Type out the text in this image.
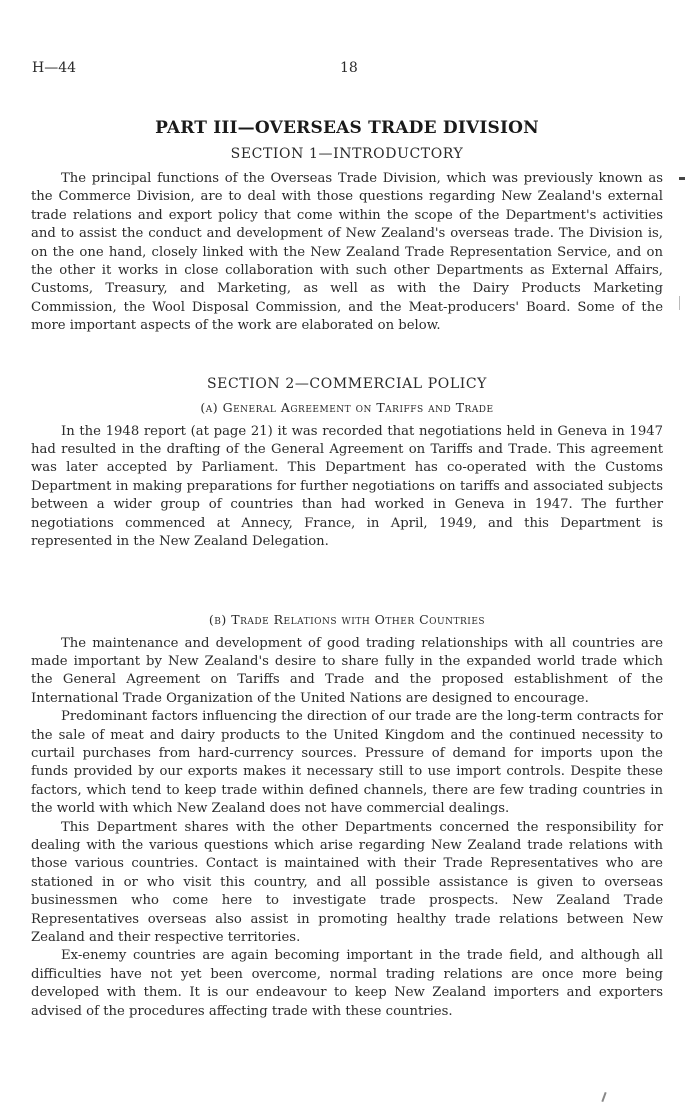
H—44	18
PART III—OVERSEAS TRADE DIVISION
SECTION 1—INTRODUCTORY

The principal functions of the Overseas Trade Division, which was previously known as the Commerce Division, are to deal with those questions regarding New Zealand's external trade relations and export policy that come within the scope of the Department's activities and to assist the conduct and development of New Zealand's overseas trade. The Division is, on the one hand, closely linked with the New Zealand Trade Representation Service, and on the other it works in close collaboration with such other Departments as External Affairs, Customs, Treasury, and Marketing, as well as with the Dairy Products Marketing Commission, the Wool Disposal Commission, and the Meat-producers' Board. Some of the more important aspects of the work are elaborated on below.

SECTION 2—COMMERCIAL POLICY
(a) General Agreement on Tariffs and Trade

In the 1948 report (at page 21) it was recorded that negotiations held in Geneva in 1947 had resulted in the drafting of the General Agreement on Tariffs and Trade. This agreement was later accepted by Parliament. This Department has co-operated with the Customs Department in making preparations for further negotiations on tariffs and associated subjects between a wider group of countries than had worked in Geneva in 1947. The further negotiations commenced at Annecy, France, in April, 1949, and this Department is represented in the New Zealand Delegation.

(b) Trade Relations with Other Countries

The maintenance and development of good trading relationships with all countries are made important by New Zealand's desire to share fully in the expanded world trade which the General Agreement on Tariffs and Trade and the proposed establishment of the International Trade Organization of the United Nations are designed to encourage.

Predominant factors influencing the direction of our trade are the long-term contracts for the sale of meat and dairy products to the United Kingdom and the continued necessity to curtail purchases from hard-currency sources. Pressure of demand for imports upon the funds provided by our exports makes it necessary still to use import controls. Despite these factors, which tend to keep trade within defined channels, there are few trading countries in the world with which New Zealand does not have commercial dealings.

This Department shares with the other Departments concerned the responsibility for dealing with the various questions which arise regarding New Zealand trade relations with those various countries. Contact is maintained with their Trade Representatives who are stationed in or who visit this country, and all possible assistance is given to overseas businessmen who come here to investigate trade prospects. New Zealand Trade Representatives overseas also assist in promoting healthy trade relations between New Zealand and their respective territories.

Ex-enemy countries are again becoming important in the trade field, and although all difficulties have not yet been overcome, normal trading relations are once more being developed with them. It is our endeavour to keep New Zealand importers and exporters advised of the procedures affecting trade with these countries.
